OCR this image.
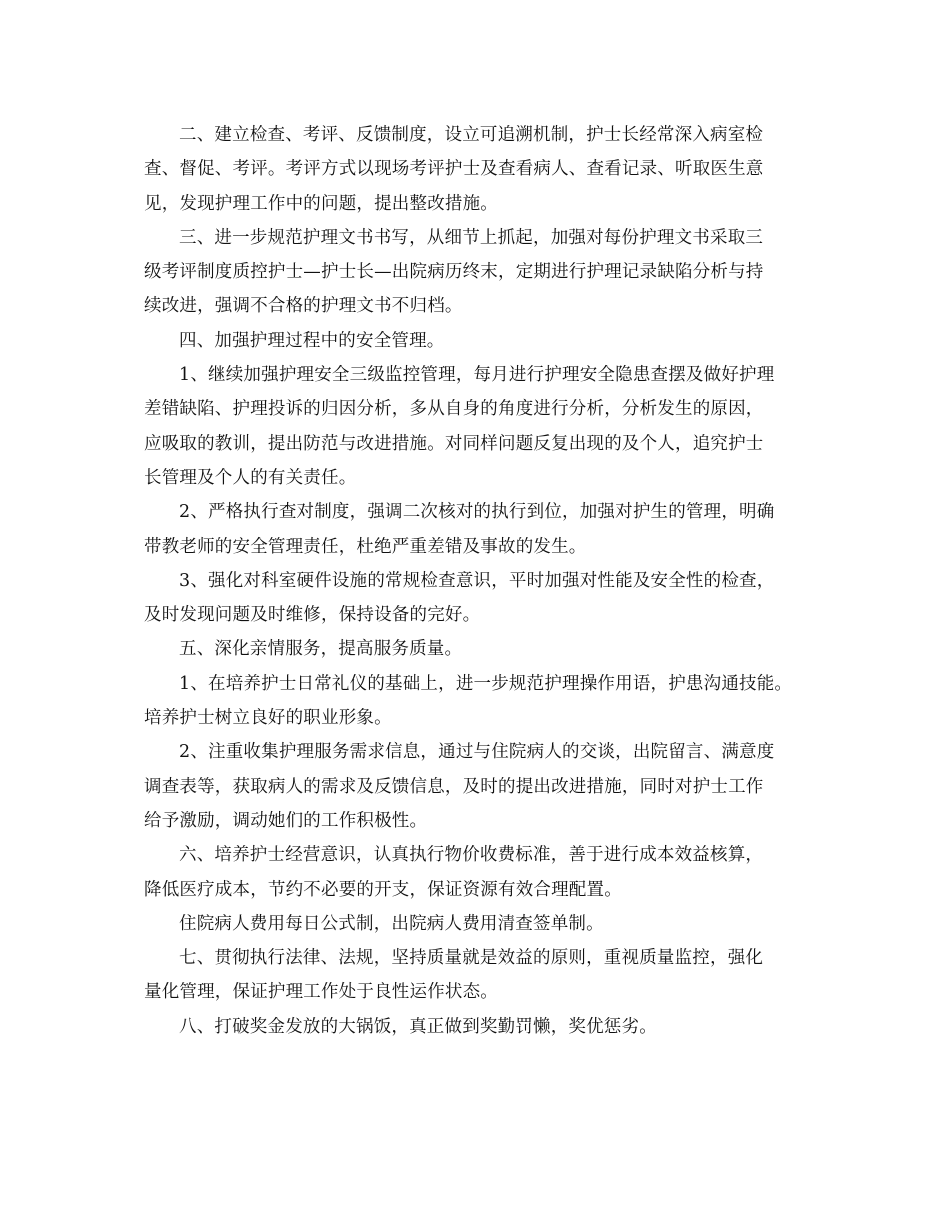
二、建立检查、考评、反馈制度，设立可追溯机制，护士长经常深入病室检
查、督促、考评。考评方式以现场考评护士及查看病人、查看记录、听取医生意
见，发现护理工作中的问题，提出整改措施。
三、进一步规范护理文书书写，从细节上抓起，加强对每份护理文书采取三
级考评制度质控护士—护士长—出院病历终末，定期进行护理记录缺陷分析与持
续改进，强调不合格的护理文书不归档。
四、加强护理过程中的安全管理。
1、继续加强护理安全三级监控管理，每月进行护理安全隐患查摆及做好护理
差错缺陷、护理投诉的归因分析，多从自身的角度进行分析，分析发生的原因，
应吸取的教训，提出防范与改进措施。对同样问题反复出现的及个人，追究护士
长管理及个人的有关责任。
2、严格执行查对制度，强调二次核对的执行到位，加强对护生的管理，明确
带教老师的安全管理责任，杜绝严重差错及事故的发生。
3、强化对科室硬件设施的常规检查意识，平时加强对性能及安全性的检查，
及时发现问题及时维修，保持设备的完好。
五、深化亲情服务，提高服务质量。
1、在培养护士日常礼仪的基础上，进一步规范护理操作用语，护患沟通技能。
培养护士树立良好的职业形象。
2、注重收集护理服务需求信息，通过与住院病人的交谈，出院留言、满意度
调查表等，获取病人的需求及反馈信息，及时的提出改进措施，同时对护士工作
给予激励，调动她们的工作积极性。
六、培养护士经营意识，认真执行物价收费标准，善于进行成本效益核算，
降低医疗成本，节约不必要的开支，保证资源有效合理配置。
住院病人费用每日公式制，出院病人费用清查签单制。
七、贯彻执行法律、法规，坚持质量就是效益的原则，重视质量监控，强化
量化管理，保证护理工作处于良性运作状态。
八、打破奖金发放的大锅饭，真正做到奖勤罚懒，奖优惩劣。
